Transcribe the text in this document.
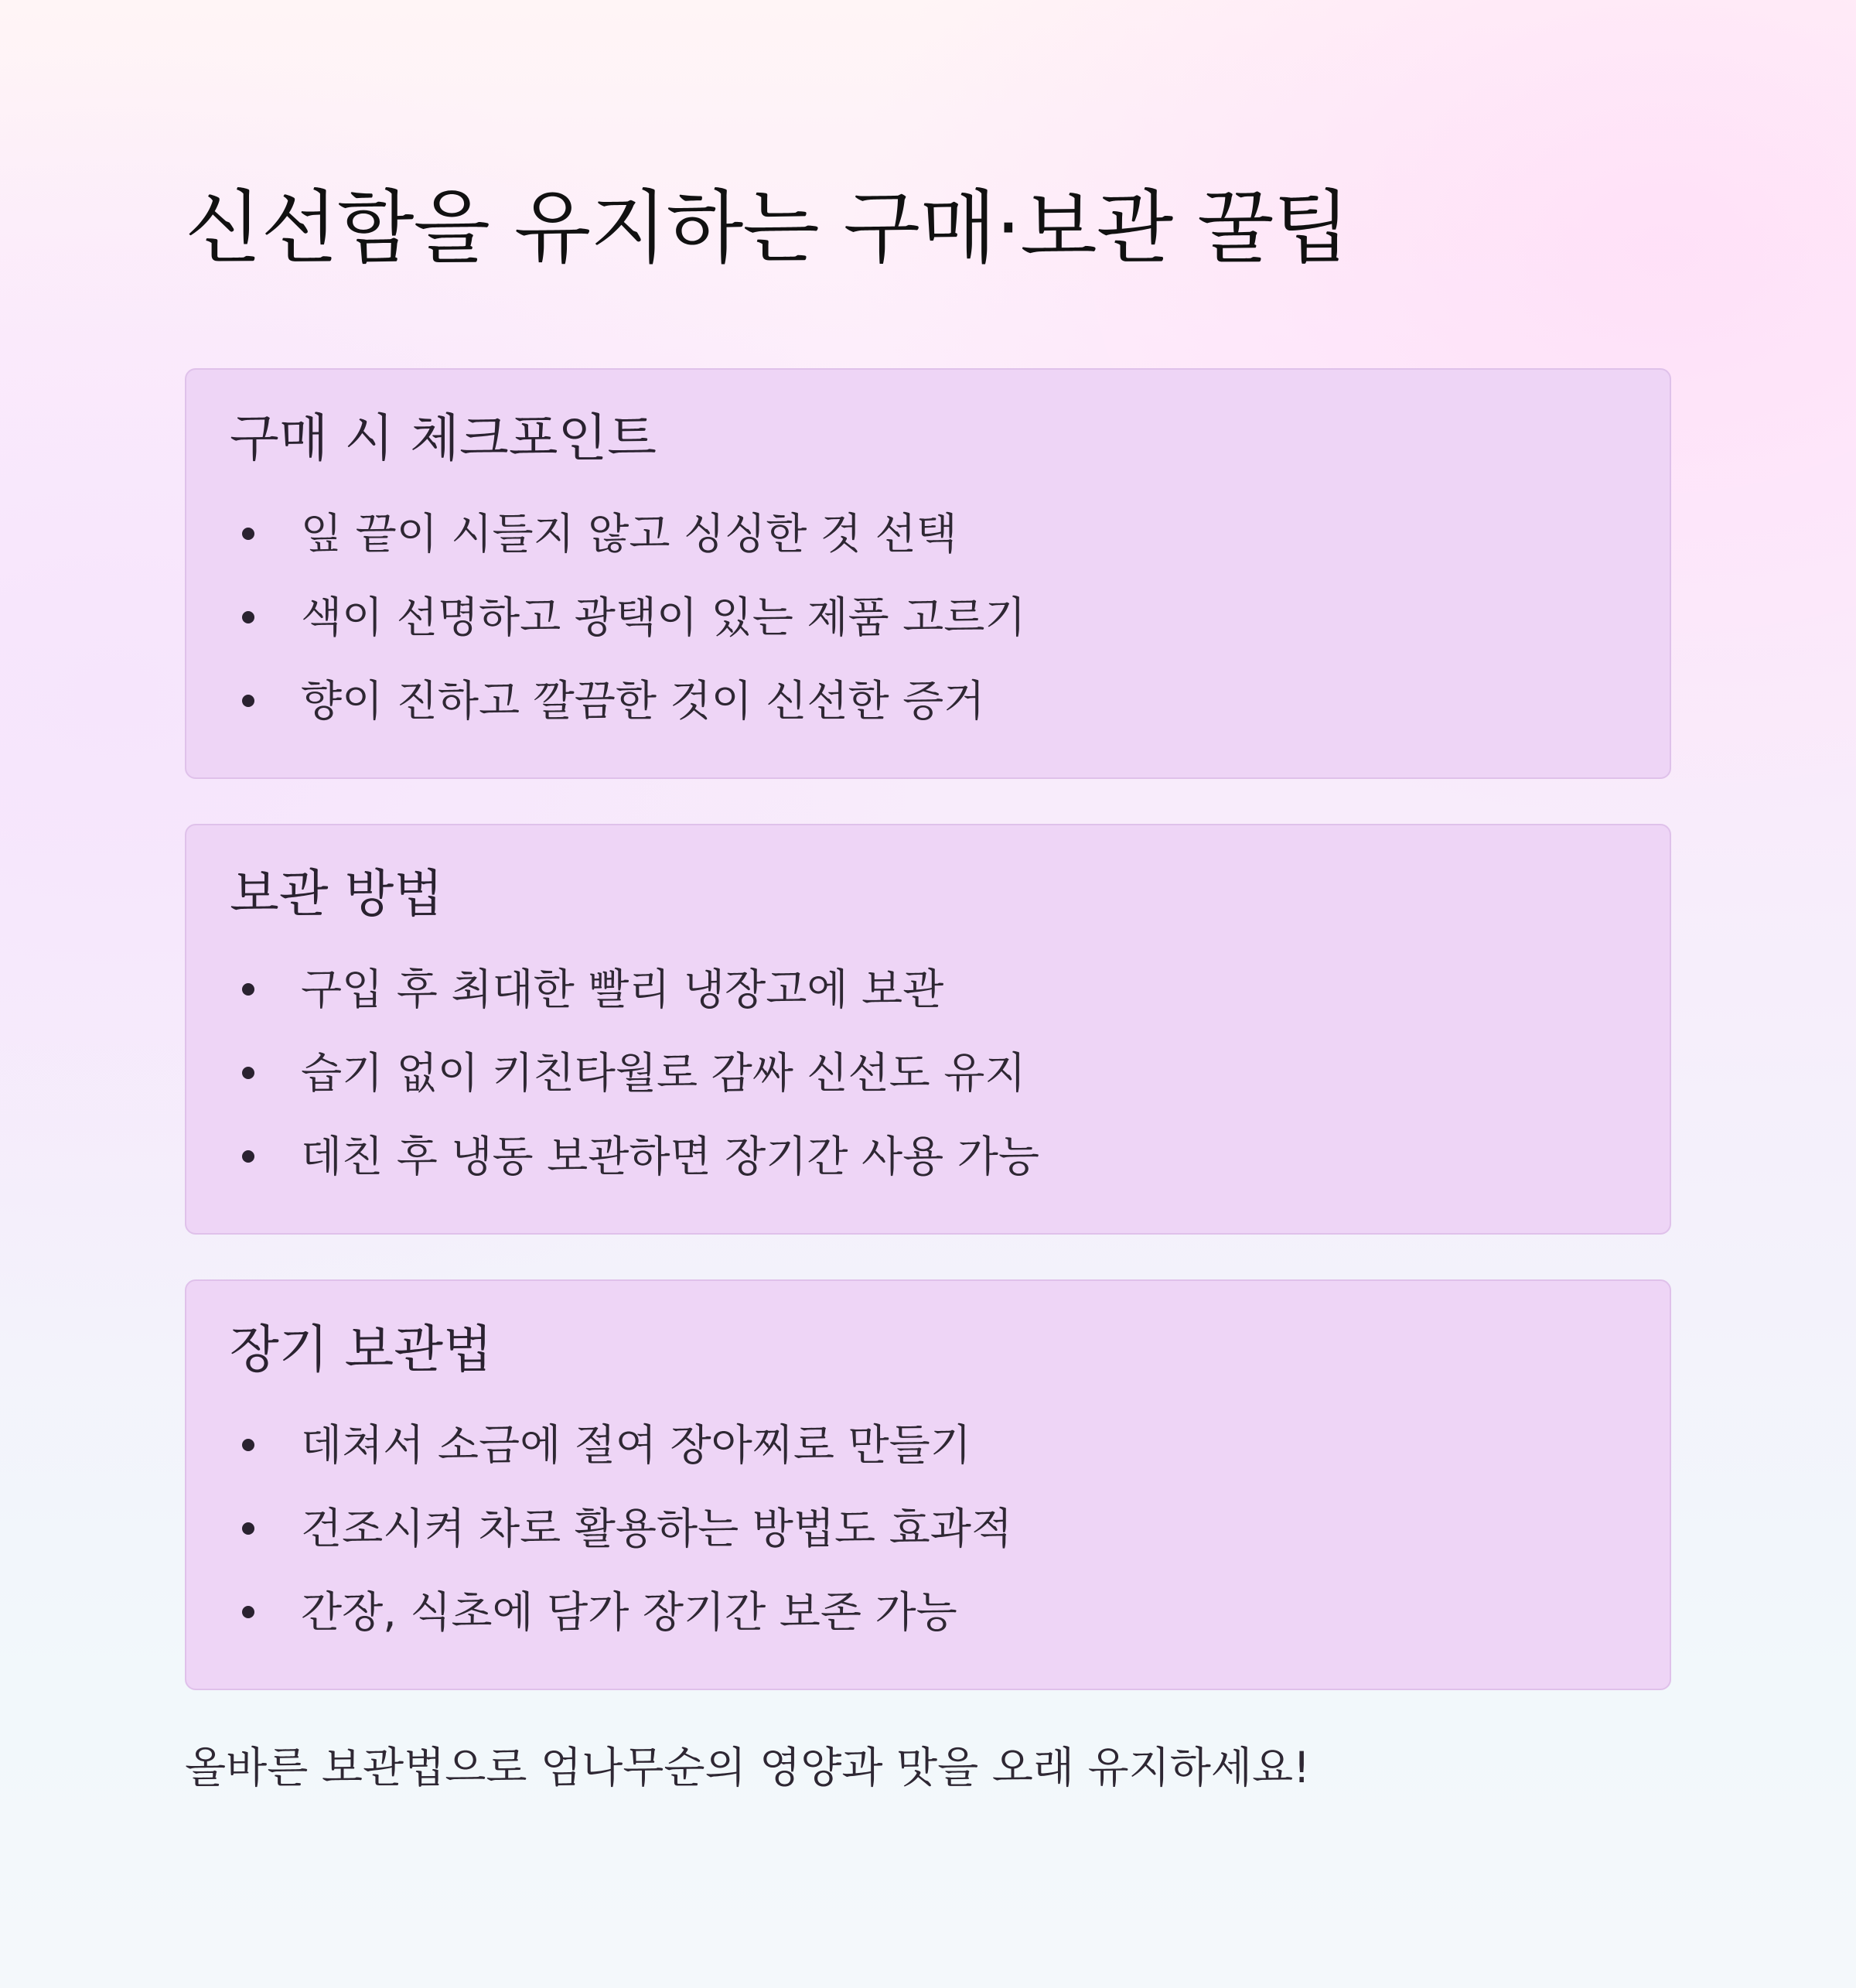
신선함을 유지하는 구매·보관 꿀팁
구매 시 체크포인트
잎 끝이 시들지 않고 싱싱한 것 선택
색이 선명하고 광택이 있는 제품 고르기
향이 진하고 깔끔한 것이 신선한 증거
보관 방법
구입 후 최대한 빨리 냉장고에 보관
습기 없이 키친타월로 감싸 신선도 유지
데친 후 냉동 보관하면 장기간 사용 가능
장기 보관법
데쳐서 소금에 절여 장아찌로 만들기
건조시켜 차로 활용하는 방법도 효과적
간장, 식초에 담가 장기간 보존 가능

올바른 보관법으로 엄나무순의 영양과 맛을 오래 유지하세요!
